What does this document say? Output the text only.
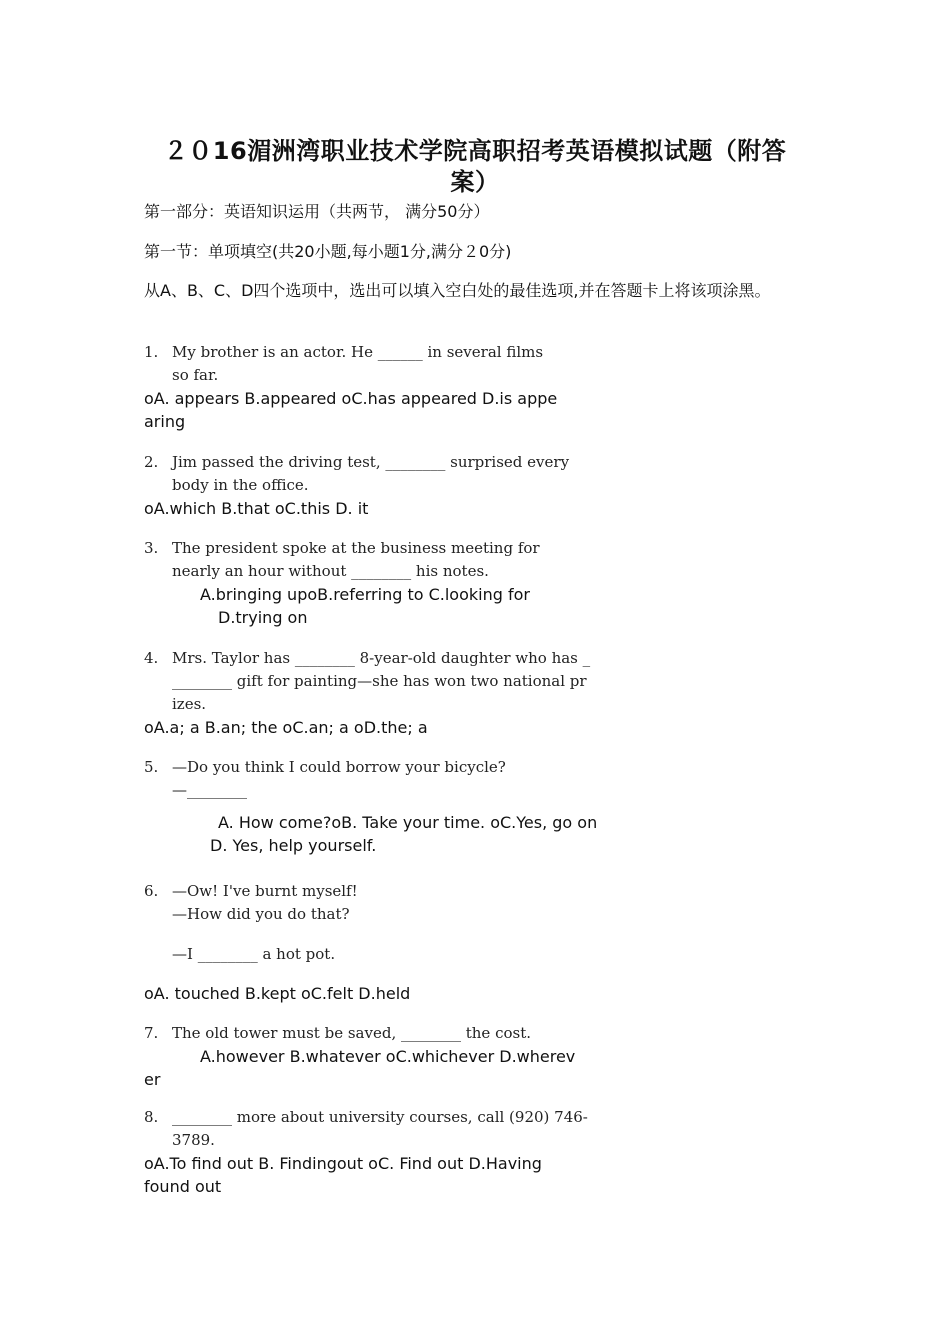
２０16湄洲湾职业技术学院高职招考英语模拟试题（附答
案）
第一部分：英语知识运用（共两节， 满分50分）
第一节：单项填空(共20小题,每小题1分,满分２0分)
从A、B、C、D四个选项中，选出可以填入空白处的最佳选项,并在答题卡上将该项涂黑。
1. My brother is an actor. He ______ in several films
so far.
oA. appears B.appeared oC.has appeared D.is appe
aring
2. Jim passed the driving test, ________ surprised every
body in the office.
oA.which B.that oC.this D. it
3. The president spoke at the business meeting for
nearly an hour without ________ his notes.
A.bringing upoB.referring to C.looking for
D.trying on
4. Mrs. Taylor has ________ 8-year-old daughter who has _
________ gift for painting—she has won two national pr
izes.
oA.a; a B.an; the oC.an; a oD.the; a
5. —Do you think I could borrow your bicycle?
—________
A. How come?oB. Take your time. oC.Yes, go on
D. Yes, help yourself.
6. —Ow! I've burnt myself!
—How did you do that?
—I ________ a hot pot.
oA. touched B.kept oC.felt D.held
7. The old tower must be saved, ________ the cost.
A.however B.whatever oC.whichever D.wherev
er
8. ________ more about university courses, call (920) 746-
3789.
oA.To find out B. Findingout oC. Find out D.Having
found out
